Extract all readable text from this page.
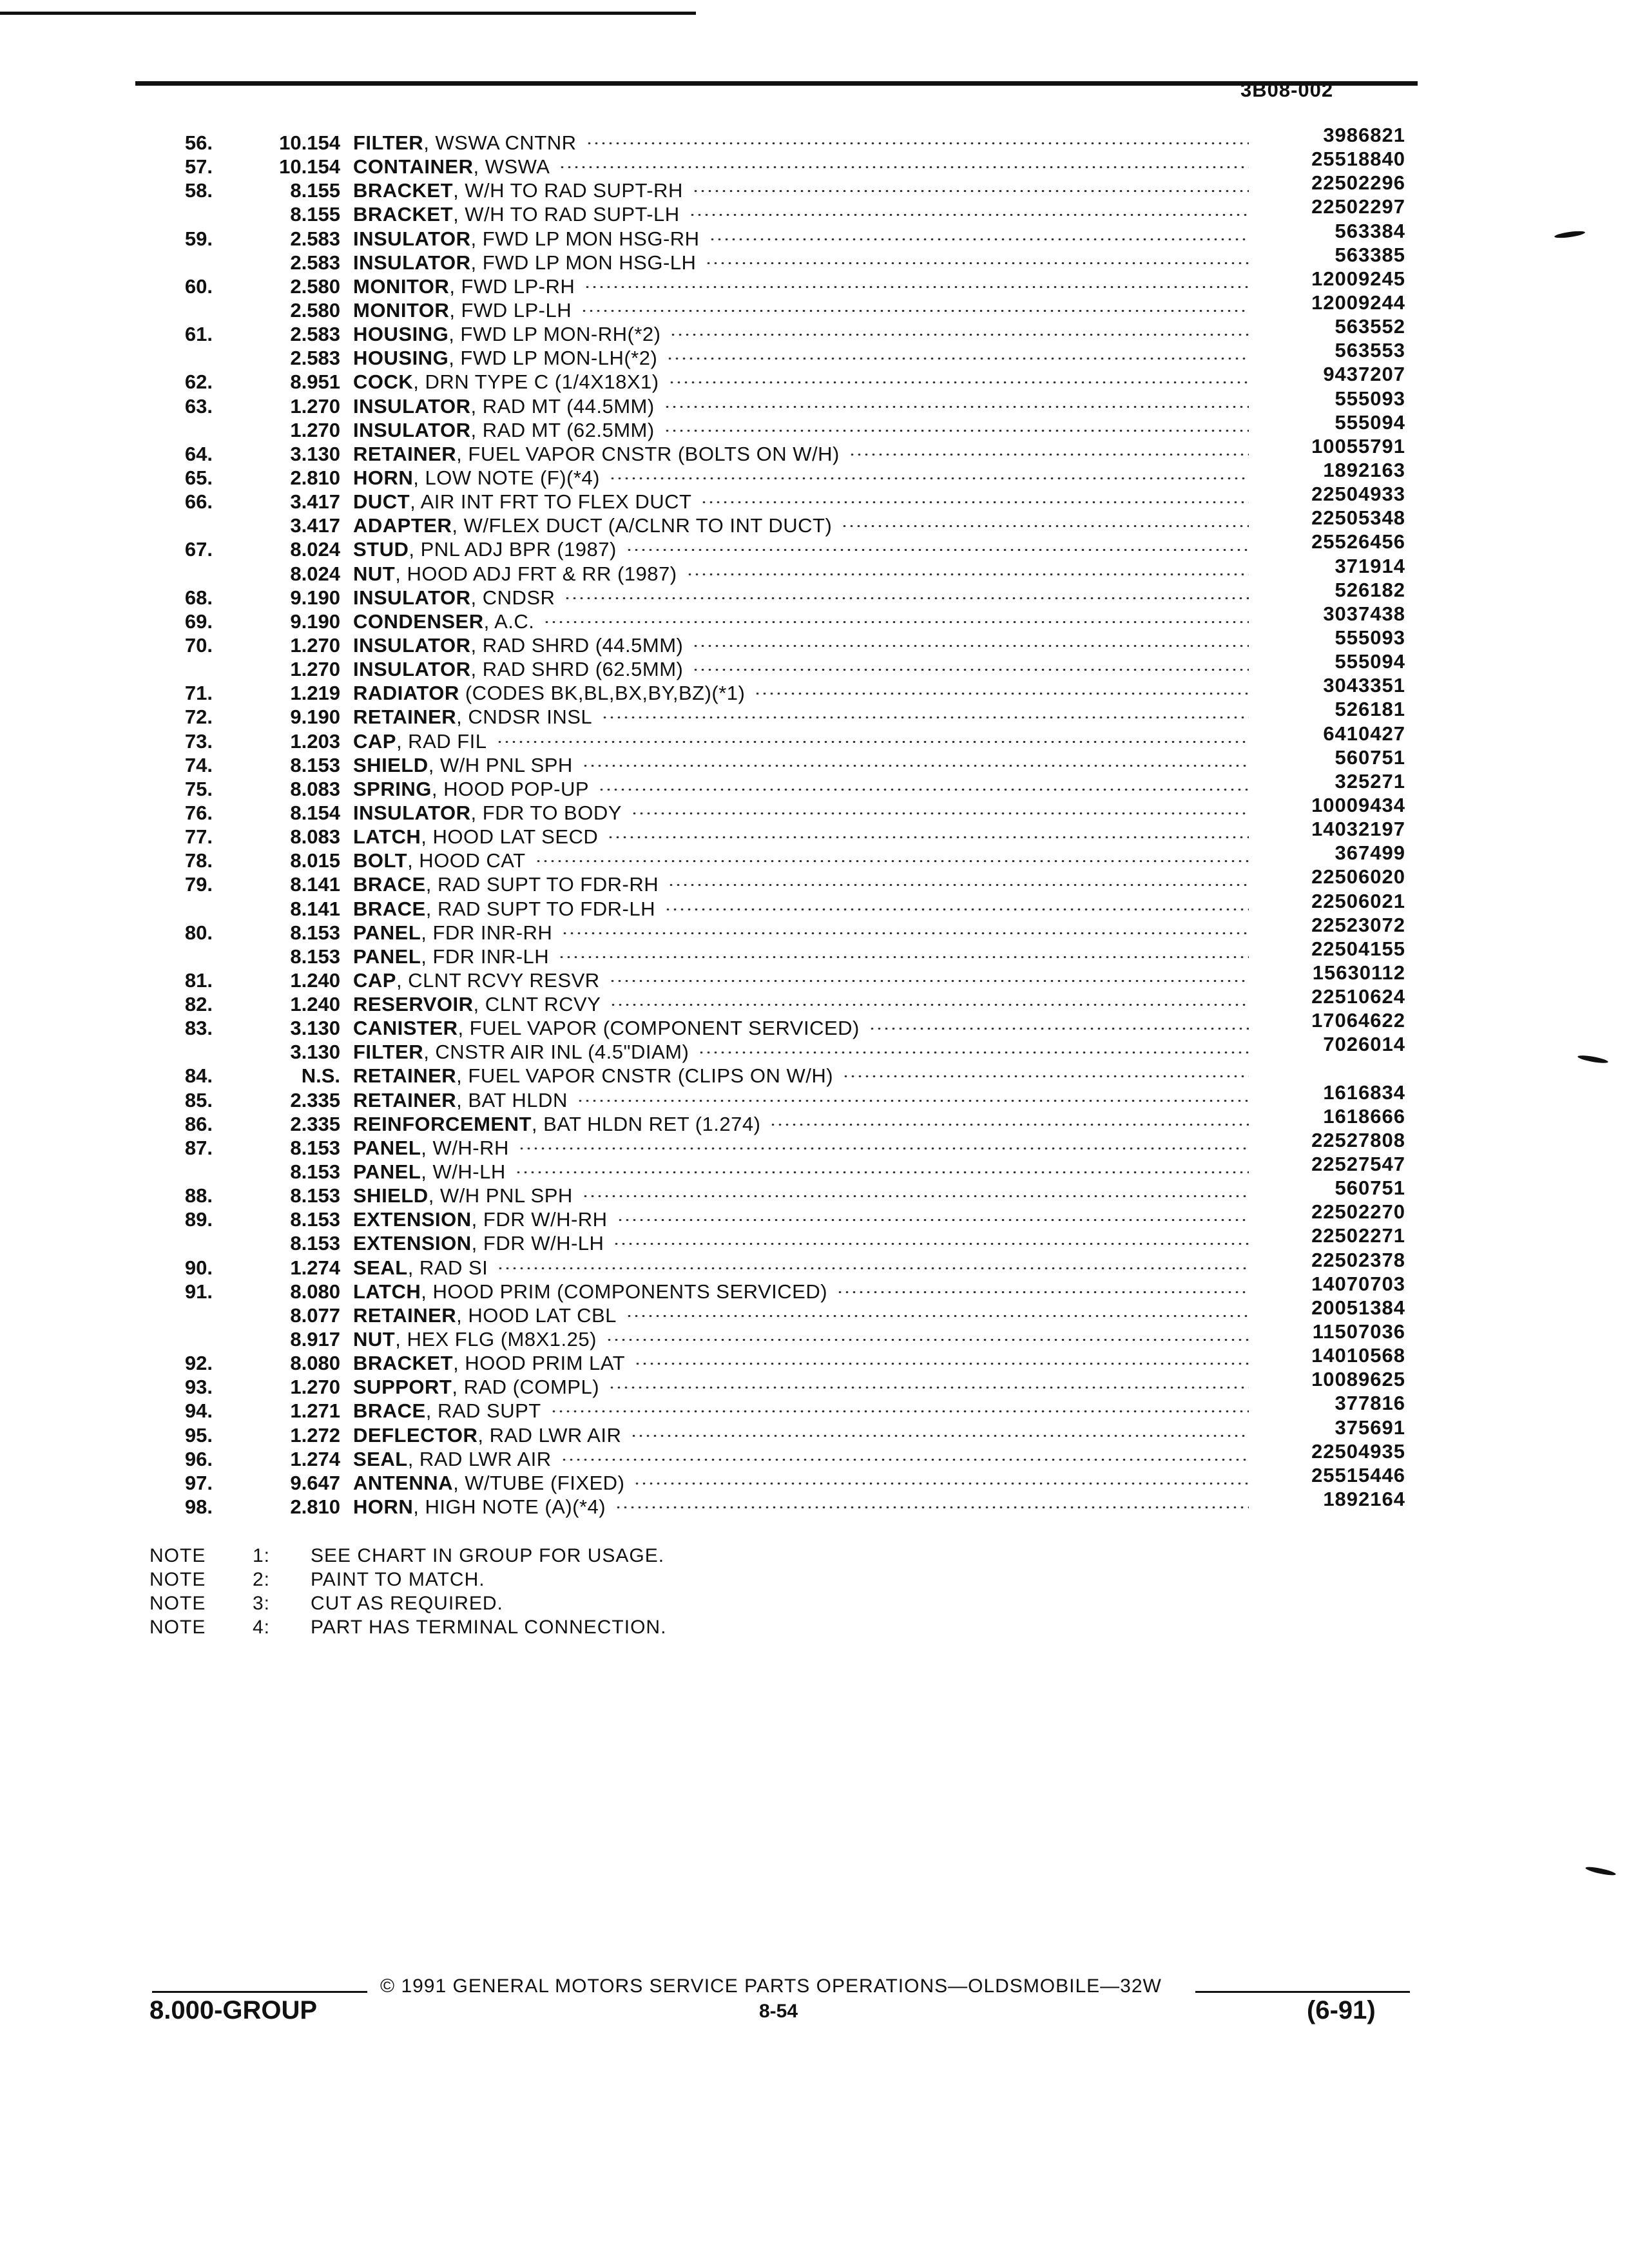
3B08-002
56.	10.154 FILTER, WSWA CNTNR	3986821
57.	10.154 CONTAINER, WSWA	25518840
58.	8.155 BRACKET, W/H TO RAD SUPT-RH	22502296
8.155 BRACKET, W/H TO RAD SUPT-LH	22502297
59.	2.583 INSULATOR, FWD LP MON HSG-RH	563384
2.583 INSULATOR, FWD LP MON HSG-LH	563385
60.	2.580 MONITOR, FWD LP-RH	12009245
2.580 MONITOR, FWD LP-LH	12009244
61.	2.583 HOUSING, FWD LP MON-RH(*2)	563552
2.583 HOUSING, FWD LP MON-LH(*2)	563553
62.	8.951 COCK, DRN TYPE C (1/4X18X1)	9437207
63.	1.270 INSULATOR, RAD MT (44.5MM)	555093
1.270 INSULATOR, RAD MT (62.5MM)	555094
64.	3.130 RETAINER, FUEL VAPOR CNSTR (BOLTS ON W/H)	10055791
65.	2.810 HORN, LOW NOTE (F)(*4)	1892163
66.	3.417 DUCT, AIR INT FRT TO FLEX DUCT	22504933
3.417 ADAPTER, W/FLEX DUCT (A/CLNR TO INT DUCT)	22505348
67.	8.024 STUD, PNL ADJ BPR (1987)	25526456
8.024 NUT, HOOD ADJ FRT & RR (1987)	371914
68.	9.190 INSULATOR, CNDSR	526182
69.	9.190 CONDENSER, A.C.	3037438
70.	1.270 INSULATOR, RAD SHRD (44.5MM)	555093
1.270 INSULATOR, RAD SHRD (62.5MM)	555094
71.	1.219 RADIATOR (CODES BK,BL,BX,BY,BZ)(*1)	3043351
72.	9.190 RETAINER, CNDSR INSL	526181
73.	1.203 CAP, RAD FIL	6410427
74.	8.153 SHIELD, W/H PNL SPH	560751
75.	8.083 SPRING, HOOD POP-UP	325271
76.	8.154 INSULATOR, FDR TO BODY	10009434
77.	8.083 LATCH, HOOD LAT SECD	14032197
78.	8.015 BOLT, HOOD CAT	367499
79.	8.141 BRACE, RAD SUPT TO FDR-RH	22506020
8.141 BRACE, RAD SUPT TO FDR-LH	22506021
80.	8.153 PANEL, FDR INR-RH	22523072
8.153 PANEL, FDR INR-LH	22504155
81.	1.240 CAP, CLNT RCVY RESVR	15630112
82.	1.240 RESERVOIR, CLNT RCVY	22510624
83.	3.130 CANISTER, FUEL VAPOR (COMPONENT SERVICED)	17064622
3.130 FILTER, CNSTR AIR INL (4.5"DIAM)	7026014
84.	N.S. RETAINER, FUEL VAPOR CNSTR (CLIPS ON W/H)
85.	2.335 RETAINER, BAT HLDN	1616834
86.	2.335 REINFORCEMENT, BAT HLDN RET (1.274)	1618666
87.	8.153 PANEL, W/H-RH	22527808
8.153 PANEL, W/H-LH	22527547
88.	8.153 SHIELD, W/H PNL SPH	560751
89.	8.153 EXTENSION, FDR W/H-RH	22502270
8.153 EXTENSION, FDR W/H-LH	22502271
90.	1.274 SEAL, RAD SI	22502378
91.	8.080 LATCH, HOOD PRIM (COMPONENTS SERVICED)	14070703
8.077 RETAINER, HOOD LAT CBL	20051384
8.917 NUT, HEX FLG (M8X1.25)	11507036
92.	8.080 BRACKET, HOOD PRIM LAT	14010568
93.	1.270 SUPPORT, RAD (COMPL)	10089625
94.	1.271 BRACE, RAD SUPT	377816
95.	1.272 DEFLECTOR, RAD LWR AIR	375691
96.	1.274 SEAL, RAD LWR AIR	22504935
97.	9.647 ANTENNA, W/TUBE (FIXED)	25515446
98.	2.810 HORN, HIGH NOTE (A)(*4)	1892164
NOTE 1: SEE CHART IN GROUP FOR USAGE.
NOTE 2: PAINT TO MATCH.
NOTE 3: CUT AS REQUIRED.
NOTE 4: PART HAS TERMINAL CONNECTION.
© 1991 GENERAL MOTORS SERVICE PARTS OPERATIONS—OLDSMOBILE—32W
8.000-GROUP	8-54	(6-91)
